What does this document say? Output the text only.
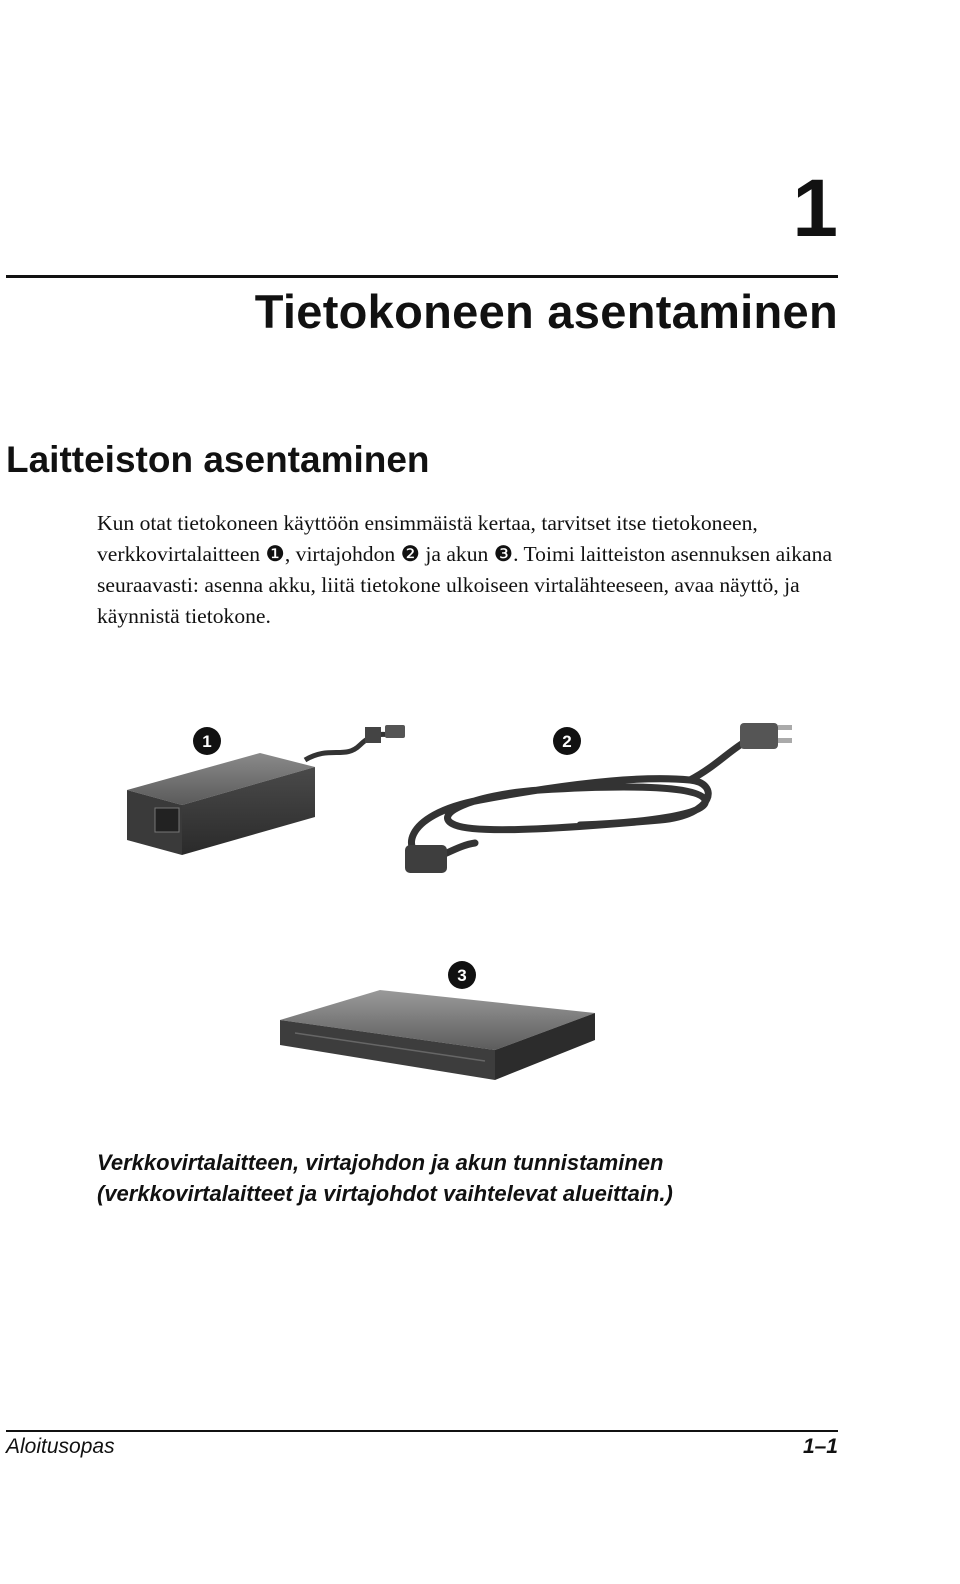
1
Tietokoneen asentaminen
Laitteiston asentaminen

Kun otat tietokoneen käyttöön ensimmäistä kertaa, tarvitset itse tietokoneen, verkkovirtalaitteen ❶, virtajohdon ❷ ja akun ❸. Toimi laitteiston asennuksen aikana seuraavasti: asenna akku, liitä tietokone ulkoiseen virtalähteeseen, avaa näyttö, ja käynnistä tietokone.

1	2
3

Verkkovirtalaitteen, virtajohdon ja akun tunnistaminen
(verkkovirtalaitteet ja virtajohdot vaihtelevat alueittain.)

Aloitusopas	1–1
